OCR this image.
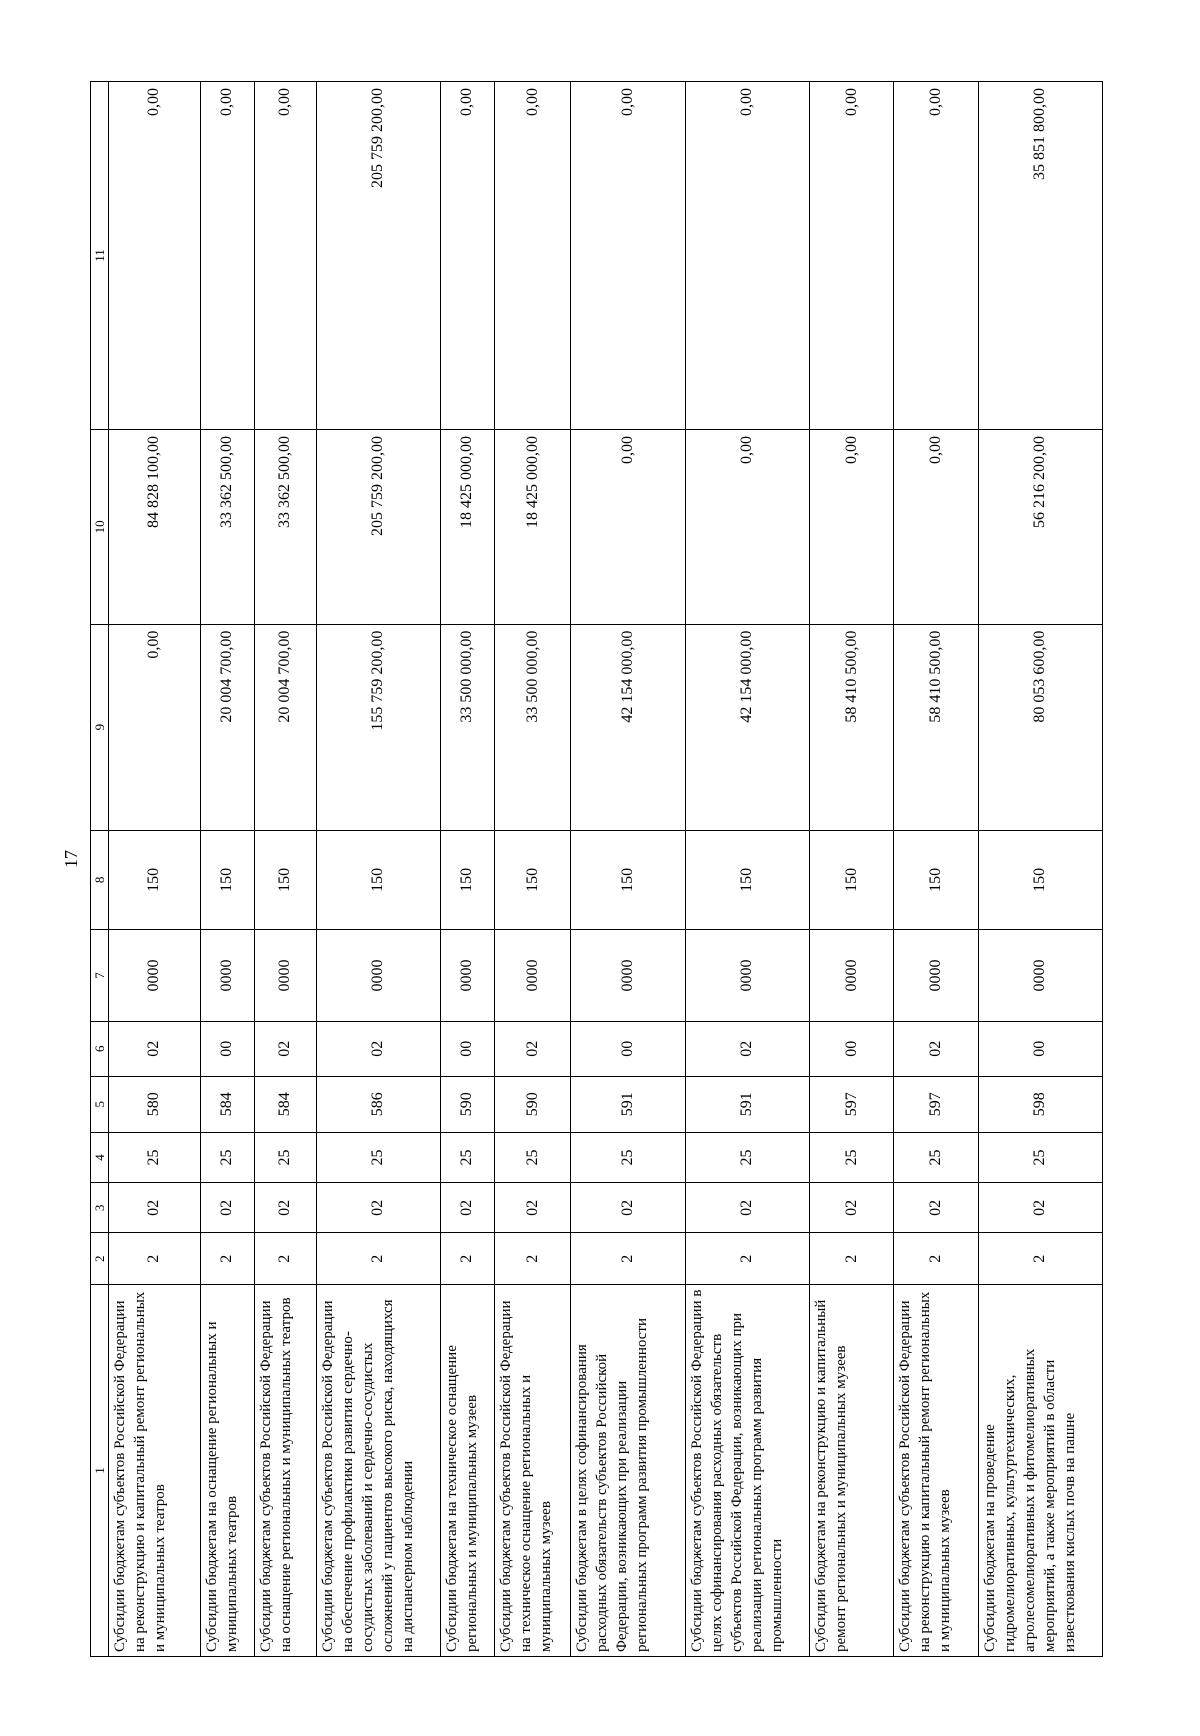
17
1	2	3	4	5	6	7	8	9	10	11
Субсидии бюджетам субъектов Российской Федерации на реконструкцию и капитальный ремонт региональных и муниципальных театров	2	02	25	580	02	0000	150	0,00	84 828 100,00	0,00
Субсидии бюджетам на оснащение региональных и муниципальных театров	2	02	25	584	00	0000	150	20 004 700,00	33 362 500,00	0,00
Субсидии бюджетам субъектов Российской Федерации на оснащение региональных и муниципальных театров	2	02	25	584	02	0000	150	20 004 700,00	33 362 500,00	0,00
Субсидии бюджетам субъектов Российской Федерации на обеспечение профилактики развития сердечно-сосудистых заболеваний и сердечно-сосудистых осложнений у пациентов высокого риска, находящихся на диспансерном наблюдении	2	02	25	586	02	0000	150	155 759 200,00	205 759 200,00	205 759 200,00
Субсидии бюджетам на техническое оснащение региональных и муниципальных музеев	2	02	25	590	00	0000	150	33 500 000,00	18 425 000,00	0,00
Субсидии бюджетам субъектов Российской Федерации на техническое оснащение региональных и муниципальных музеев	2	02	25	590	02	0000	150	33 500 000,00	18 425 000,00	0,00
Субсидии бюджетам в целях софинансирования расходных обязательств субъектов Российской Федерации, возникающих при реализации региональных программ развития промышленности	2	02	25	591	00	0000	150	42 154 000,00	0,00	0,00
Субсидии бюджетам субъектов Российской Федерации в целях софинансирования расходных обязательств субъектов Российской Федерации, возникающих при реализации региональных программ развития промышленности	2	02	25	591	02	0000	150	42 154 000,00	0,00	0,00
Субсидии бюджетам на реконструкцию и капитальный ремонт региональных и муниципальных музеев	2	02	25	597	00	0000	150	58 410 500,00	0,00	0,00
Субсидии бюджетам субъектов Российской Федерации на реконструкцию и капитальный ремонт региональных и муниципальных музеев	2	02	25	597	02	0000	150	58 410 500,00	0,00	0,00
Субсидии бюджетам на проведение гидромелиоративных, культуртехнических, агролесомелиоративных и фитомелиоративных мероприятий, а также мероприятий в области известкования кислых почв на пашне	2	02	25	598	00	0000	150	80 053 600,00	56 216 200,00	35 851 800,00
